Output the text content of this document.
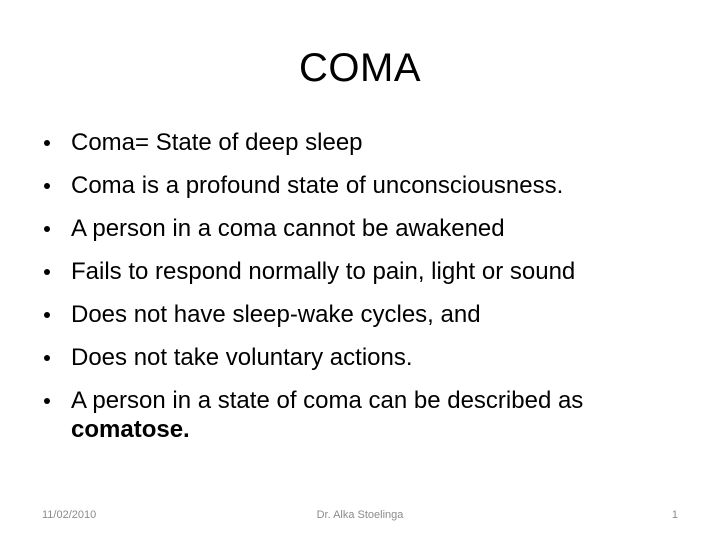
COMA
Coma= State of deep sleep
Coma is a profound state of unconsciousness.
A person in a coma cannot be awakened
Fails to respond normally to pain, light or sound
Does not have sleep-wake cycles, and
Does not take voluntary actions.
A person in a state of coma can be described as comatose.
11/02/2010	Dr. Alka Stoelinga	1
